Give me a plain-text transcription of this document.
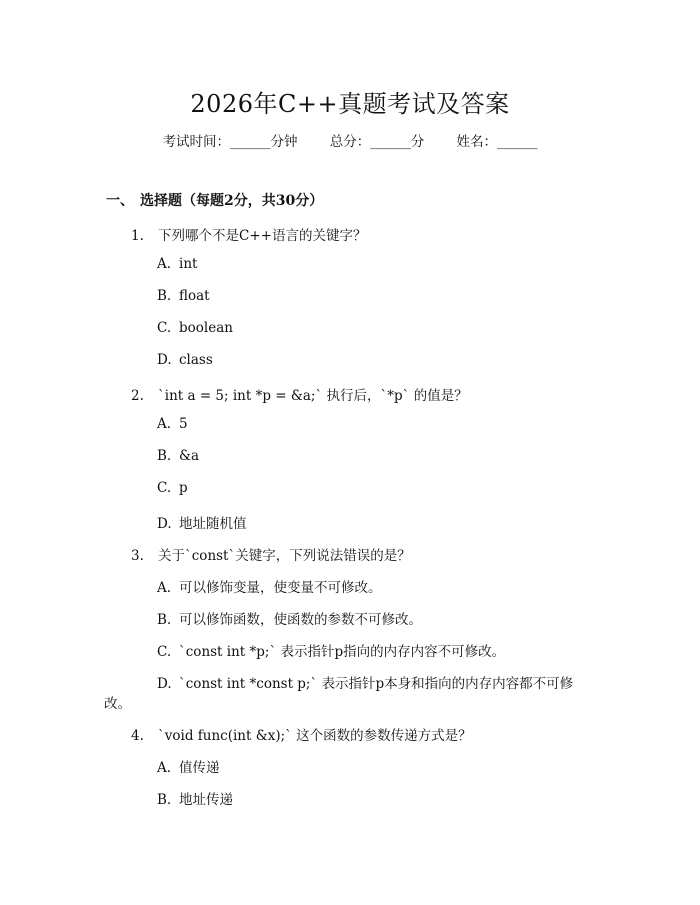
2026年C++真题考试及答案
考试时间：______分钟 总分：______分 姓名：______
一、 选择题（每题2分，共30分）
1. 下列哪个不是C++语言的关键字？
A. int
B. float
C. boolean
D. class
2. `int a = 5; int *p = &a;` 执行后，`*p` 的值是？
A. 5
B. &a
C. p
D. 地址随机值
3. 关于`const`关键字，下列说法错误的是？
A. 可以修饰变量，使变量不可修改。
B. 可以修饰函数，使函数的参数不可修改。
C. `const int *p;` 表示指针p指向的内存内容不可修改。
D. `const int *const p;` 表示指针p本身和指向的内存内容都不可修
改。
4. `void func(int &x);` 这个函数的参数传递方式是？
A. 值传递
B. 地址传递
